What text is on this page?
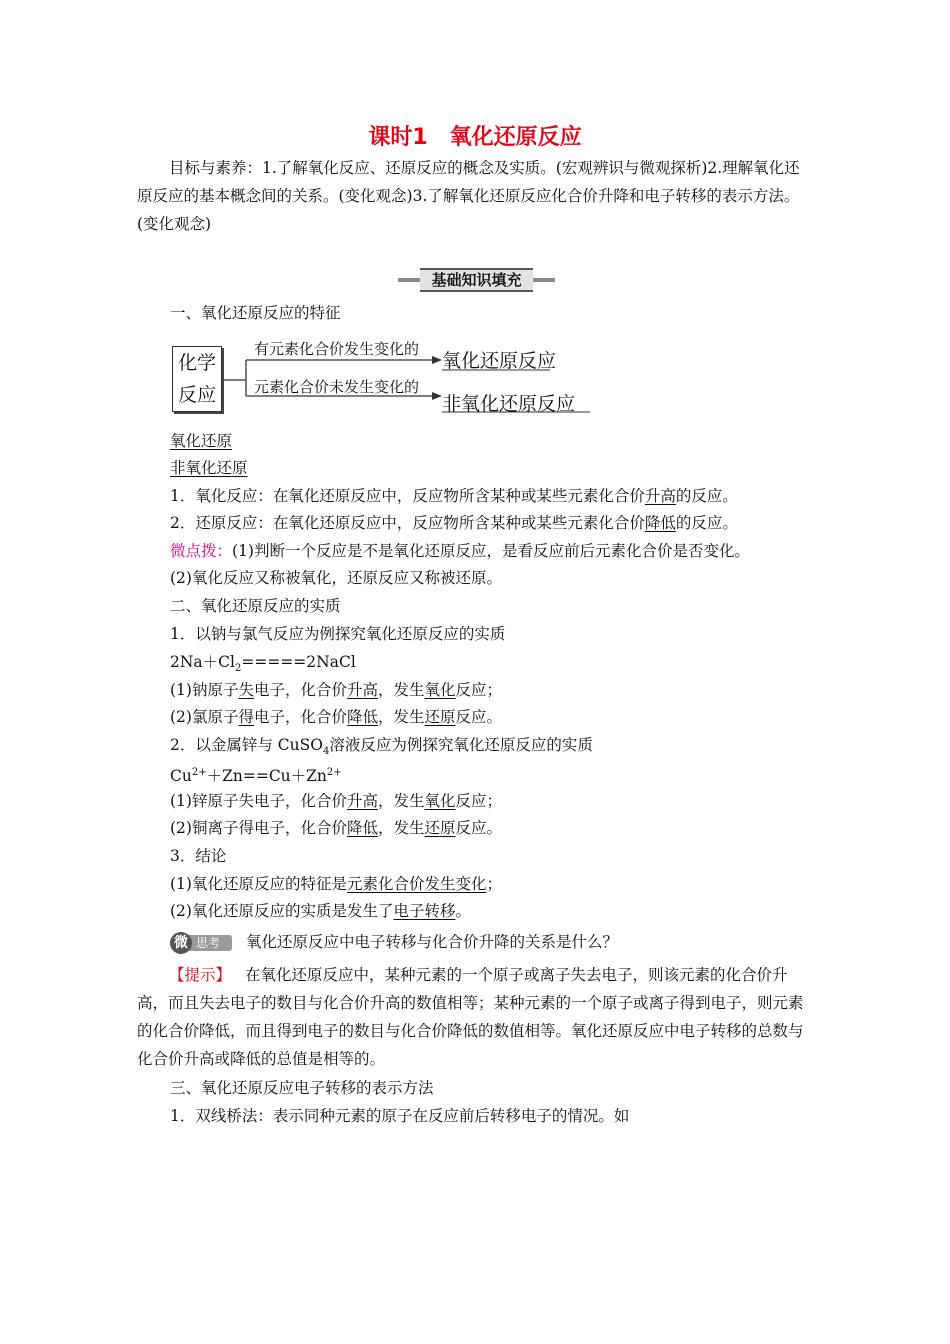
课时1 氧化还原反应
目标与素养：1.了解氧化反应、还原反应的概念及实质。(宏观辨识与微观探析)2.理解氧化还原反应的基本概念间的关系。(变化观念)3.了解氧化还原反应化合价升降和电子转移的表示方法。(变化观念)
基础知识填充
一、氧化还原反应的特征
化学
反应
有元素化合价发生变化的
氧化还原反应
元素化合价未发生变化的
非氧化还原反应
氧化还原
非氧化还原
1．氧化反应：在氧化还原反应中，反应物所含某种或某些元素化合价升高的反应。
2．还原反应：在氧化还原反应中，反应物所含某种或某些元素化合价降低的反应。
微点拨：(1)判断一个反应是不是氧化还原反应，是看反应前后元素化合价是否变化。
(2)氧化反应又称被氧化，还原反应又称被还原。
二、氧化还原反应的实质
1．以钠与氯气反应为例探究氧化还原反应的实质
$2Na+Cl_2=====2NaCl$
(1)钠原子失电子，化合价升高，发生氧化反应；
(2)氯原子得电子，化合价降低，发生还原反应。
2．以金属锌与 CuSO$_4$溶液反应为例探究氧化还原反应的实质
$Cu^{2+}+Zn==Cu+Zn^{2+}$
(1)锌原子失电子，化合价升高，发生氧化反应；
(2)铜离子得电子，化合价降低，发生还原反应。
3．结论
(1)氧化还原反应的特征是元素化合价发生变化；
(2)氧化还原反应的实质是发生了电子转移。
思考
微	氧化还原反应中电子转移与化合价升降的关系是什么？
【提示】 在氧化还原反应中，某种元素的一个原子或离子失去电子，则该元素的化合价升高，而且失去电子的数目与化合价升高的数值相等；某种元素的一个原子或离子得到电子，则元素的化合价降低，而且得到电子的数目与化合价降低的数值相等。氧化还原反应中电子转移的总数与化合价升高或降低的总值是相等的。
三、氧化还原反应电子转移的表示方法
1．双线桥法：表示同种元素的原子在反应前后转移电子的情况。如
